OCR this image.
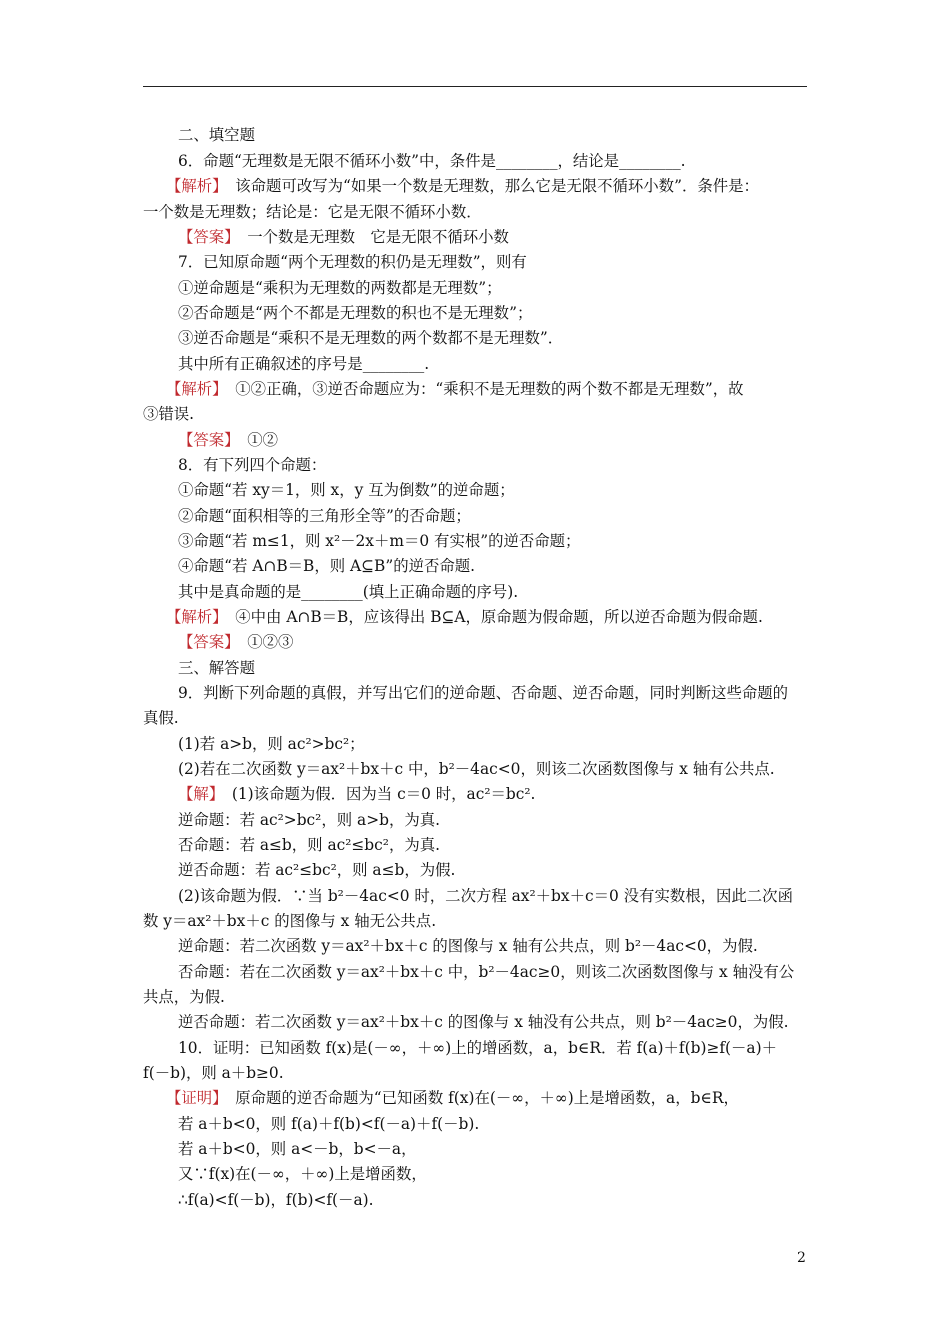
二、填空题
6．命题“无理数是无限不循环小数”中，条件是________，结论是________.
【解析】　该命题可改写为“如果一个数是无理数，那么它是无限不循环小数”．条件是：
一个数是无理数；结论是：它是无限不循环小数．
【答案】　一个数是无理数　它是无限不循环小数
7．已知原命题“两个无理数的积仍是无理数”，则有
①逆命题是“乘积为无理数的两数都是无理数”；
②否命题是“两个不都是无理数的积也不是无理数”；
③逆否命题是“乘积不是无理数的两个数都不是无理数”．
其中所有正确叙述的序号是________.
【解析】　①②正确，③逆否命题应为：“乘积不是无理数的两个数不都是无理数”，故
③错误.
【答案】　①②
8．有下列四个命题：
①命题“若 xy＝1，则 x，y 互为倒数”的逆命题；
②命题“面积相等的三角形全等”的否命题；
③命题“若 m≤1，则 x²－2x＋m＝0 有实根”的逆否命题；
④命题“若 A∩B＝B，则 A⊆B”的逆否命题.
其中是真命题的是________(填上正确命题的序号).
【解析】　④中由 A∩B＝B，应该得出 B⊆A，原命题为假命题，所以逆否命题为假命题.
【答案】　①②③
三、解答题
9．判断下列命题的真假，并写出它们的逆命题、否命题、逆否命题，同时判断这些命题的
真假.
(1)若 a>b，则 ac²>bc²；
(2)若在二次函数 y＝ax²＋bx＋c 中，b²－4ac<0，则该二次函数图像与 x 轴有公共点.
【解】　(1)该命题为假．因为当 c＝0 时，ac²＝bc².
逆命题：若 ac²>bc²，则 a>b，为真.
否命题：若 a≤b，则 ac²≤bc²，为真.
逆否命题：若 ac²≤bc²，则 a≤b，为假.
(2)该命题为假．∵当 b²－4ac<0 时，二次方程 ax²＋bx＋c＝0 没有实数根，因此二次函
数 y＝ax²＋bx＋c 的图像与 x 轴无公共点.
逆命题：若二次函数 y＝ax²＋bx＋c 的图像与 x 轴有公共点，则 b²－4ac<0，为假.
否命题：若在二次函数 y＝ax²＋bx＋c 中，b²－4ac≥0，则该二次函数图像与 x 轴没有公
共点，为假.
逆否命题：若二次函数 y＝ax²＋bx＋c 的图像与 x 轴没有公共点，则 b²－4ac≥0，为假.
10．证明：已知函数 f(x)是(－∞，＋∞)上的增函数，a，b∈R．若 f(a)＋f(b)≥f(－a)＋
f(－b)，则 a＋b≥0.
【证明】　原命题的逆否命题为“已知函数 f(x)在(－∞，＋∞)上是增函数，a，b∈R，
若 a＋b<0，则 f(a)＋f(b)<f(－a)＋f(－b).
若 a＋b<0，则 a<－b，b<－a，
又∵f(x)在(－∞，＋∞)上是增函数，
∴f(a)<f(－b)，f(b)<f(－a).
2
